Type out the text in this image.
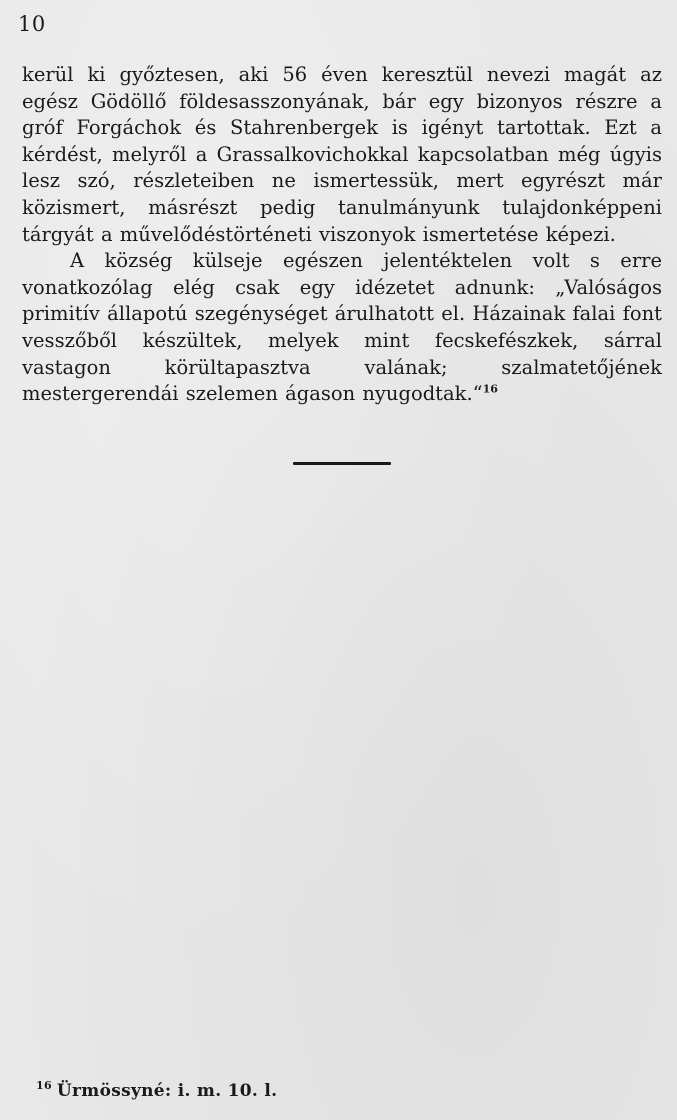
10

kerül ki győztesen, aki 56 éven keresztül nevezi magát az egész Gödöllő földesasszonyának, bár egy bizonyos részre a gróf Forgáchok és Stahrenbergek is igényt tartottak. Ezt a kérdést, melyről a Grassalkovichokkal kapcsolatban még úgyis lesz szó, részleteiben ne ismertessük, mert egyrészt már közismert, másrészt pedig tanulmányunk tulajdonképpeni tárgyát a művelődéstörténeti viszonyok ismertetése képezi.

A község külseje egészen jelentéktelen volt s erre vonatkozólag elég csak egy idézetet adnunk: „Valóságos primitív állapotú szegénységet árulhatott el. Házainak falai font vesszőből készültek, melyek mint fecskefészkek, sárral vastagon körültapasztva valának; szalmatetőjének mestergerendái szelemen ágason nyugodtak.“$^{16}$

$^{16}$ Ürmössyné: i. m. 10. l.
